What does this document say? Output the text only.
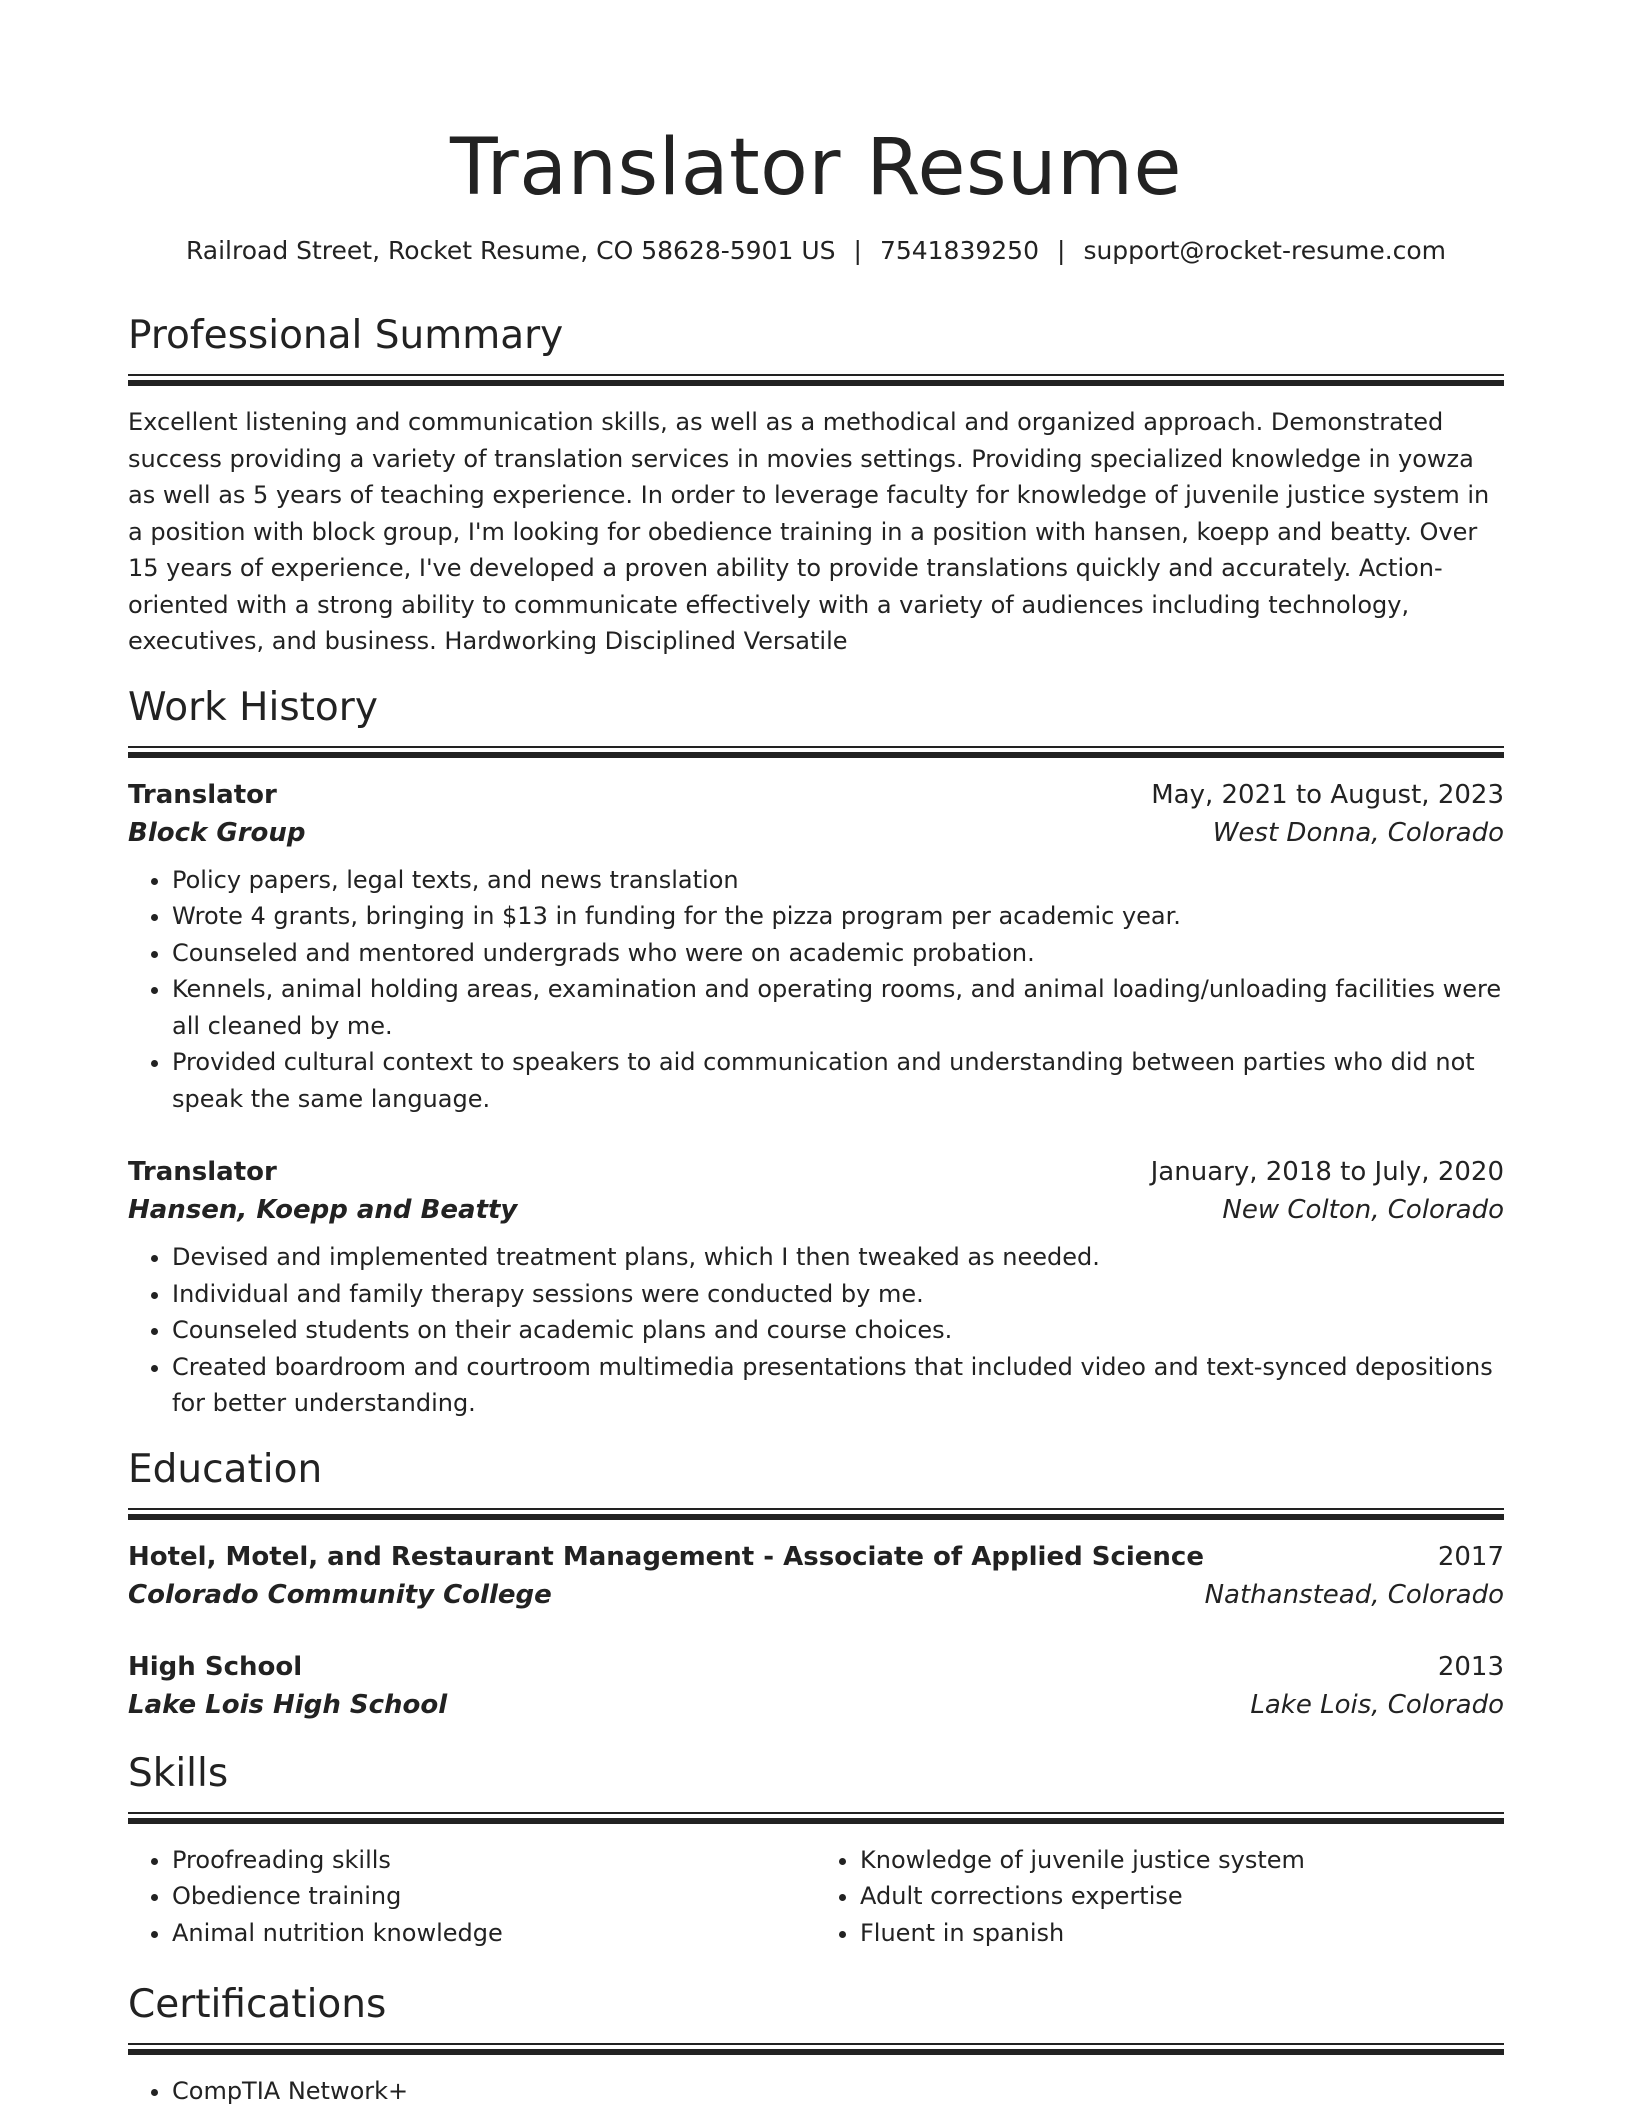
Translator Resume
Railroad Street, Rocket Resume, CO 58628-5901 US | 7541839250 | support@rocket-resume.com
Professional Summary

Excellent listening and communication skills, as well as a methodical and organized approach. Demonstrated success providing a variety of translation services in movies settings. Providing specialized knowledge in yowza as well as 5 years of teaching experience. In order to leverage faculty for knowledge of juvenile justice system in a position with block group, I'm looking for obedience training in a position with hansen, koepp and beatty. Over 15 years of experience, I've developed a proven ability to provide translations quickly and accurately. Action-oriented with a strong ability to communicate effectively with a variety of audiences including technology, executives, and business. Hardworking Disciplined Versatile

Work History
Translator	May, 2021 to August, 2023
Block Group	West Donna, Colorado
• Policy papers, legal texts, and news translation
• Wrote 4 grants, bringing in $13 in funding for the pizza program per academic year.
• Counseled and mentored undergrads who were on academic probation.
• Kennels, animal holding areas, examination and operating rooms, and animal loading/unloading facilities were all cleaned by me.
• Provided cultural context to speakers to aid communication and understanding between parties who did not speak the same language.
Translator	January, 2018 to July, 2020
Hansen, Koepp and Beatty	New Colton, Colorado
• Devised and implemented treatment plans, which I then tweaked as needed.
• Individual and family therapy sessions were conducted by me.
• Counseled students on their academic plans and course choices.
• Created boardroom and courtroom multimedia presentations that included video and text-synced depositions for better understanding.
Education
Hotel, Motel, and Restaurant Management - Associate of Applied Science	2017
Colorado Community College	Nathanstead, Colorado
High School	2013
Lake Lois High School	Lake Lois, Colorado
Skills
• Proofreading skills
• Obedience training
• Animal nutrition knowledge
• Knowledge of juvenile justice system
• Adult corrections expertise
• Fluent in spanish
Certifications
• CompTIA Network+
